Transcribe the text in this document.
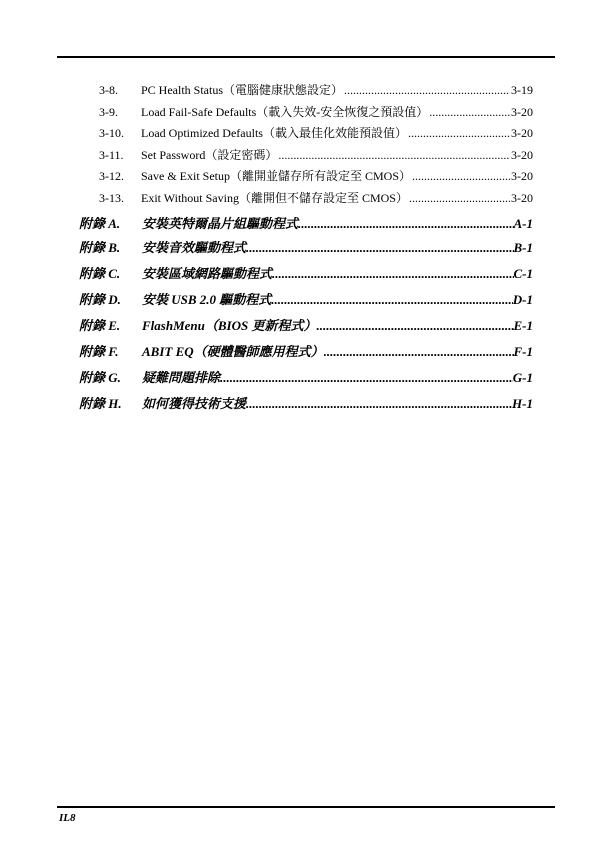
3-8.	PC Health Status（電腦健康狀態設定） .....	3-19
3-9.	Load Fail-Safe Defaults（載入失效-安全恢復之預設值） .....	3-20
3-10.	Load Optimized Defaults（載入最佳化效能預設值） .....	3-20
3-11.	Set Password（設定密碼） .....	3-20
3-12.	Save & Exit Setup（離開並儲存所有設定至 CMOS） .....	3-20
3-13.	Exit Without Saving（離開但不儲存設定至 CMOS） .....	3-20
附錄 A.	安裝英特爾晶片組驅動程式 .....	A-1
附錄 B.	安裝音效驅動程式 .....	B-1
附錄 C.	安裝區域網路驅動程式 .....	C-1
附錄 D.	安裝 USB 2.0 驅動程式 .....	D-1
附錄 E.	FlashMenu（BIOS 更新程式） .....	E-1
附錄 F.	ABIT EQ（硬體醫師應用程式） .....	F-1
附錄 G.	疑難問題排除 .....	G-1
附錄 H.	如何獲得技術支援 .....	H-1
IL8
